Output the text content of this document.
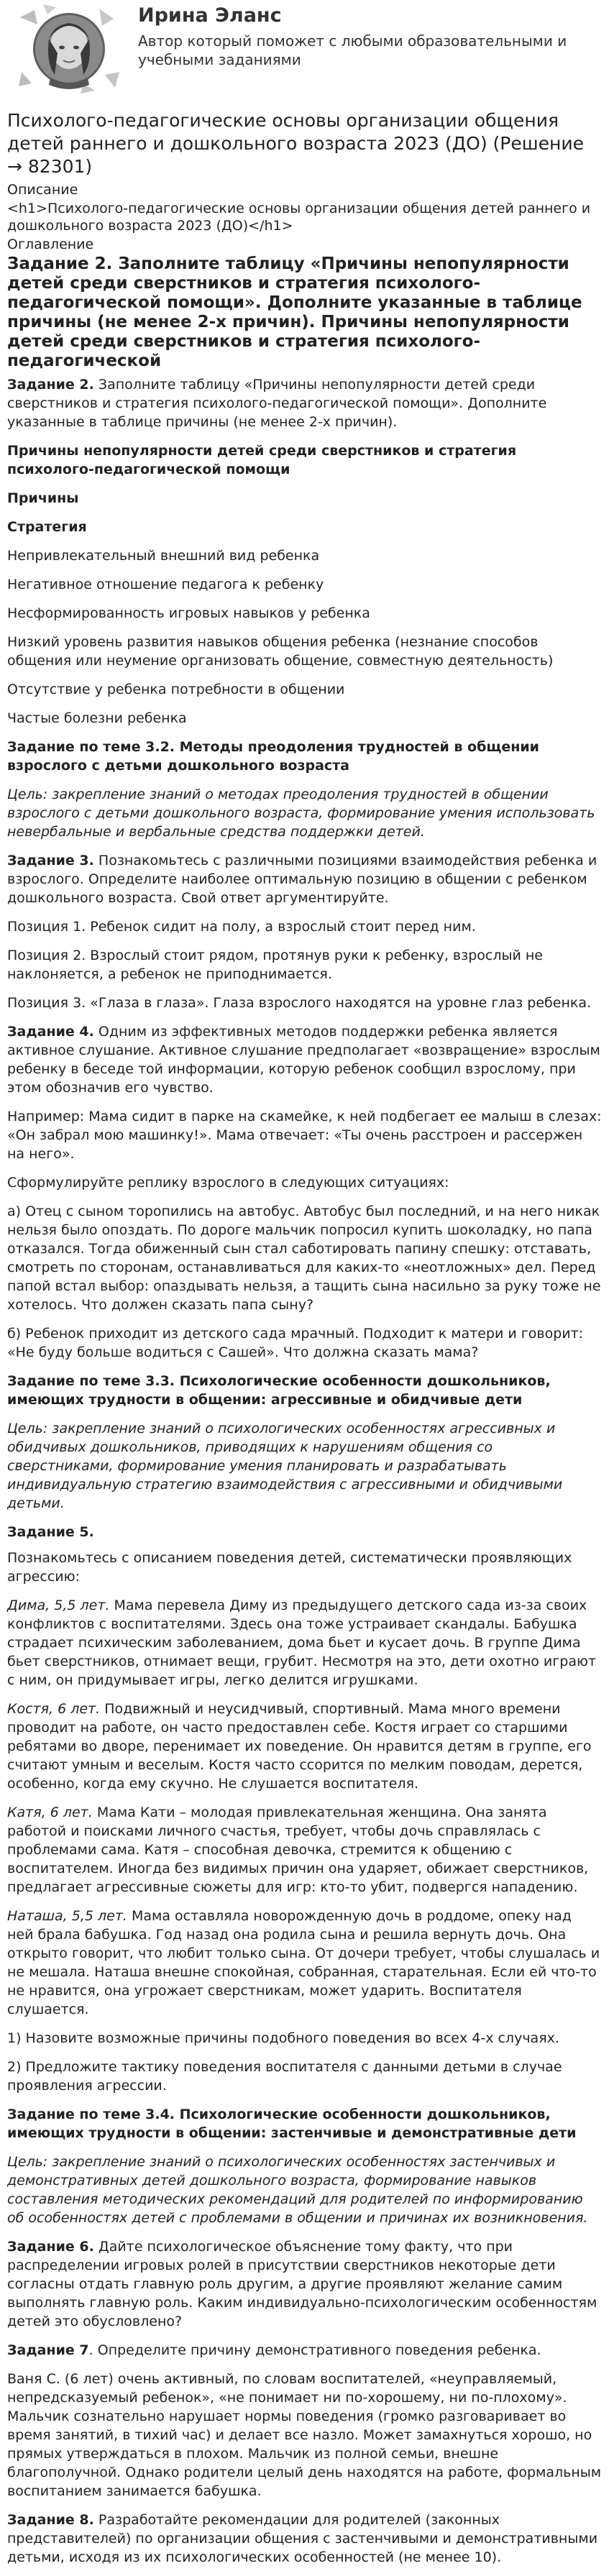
Ирина Эланс
Автор который поможет с любыми образовательными и учебными заданиями
Психолого-педагогические основы организации общения детей раннего и дошкольного возраста 2023 (ДО) (Решение → 82301)
Описание
<h1>Психолого-педагогические основы организации общения детей раннего и дошкольного возраста 2023 (ДО)</h1>
Оглавление
Задание 2. Заполните таблицу «Причины непопулярности детей среди сверстников и стратегия психолого-педагогической помощи». Дополните указанные в таблице причины (не менее 2-х причин). Причины непопулярности детей среди сверстников и стратегия психолого-педагогической

Задание 2. Заполните таблицу «Причины непопулярности детей среди сверстников и стратегия психолого-педагогической помощи». Дополните указанные в таблице причины (не менее 2-х причин).

Причины непопулярности детей среди сверстников и стратегия психолого-педагогической помощи

Причины

Стратегия

Непривлекательный внешний вид ребенка

Негативное отношение педагога к ребенку

Несформированность игровых навыков у ребенка

Низкий уровень развития навыков общения ребенка (незнание способов общения или неумение организовать общение, совместную деятельность)

Отсутствие у ребенка потребности в общении

Частые болезни ребенка

Задание по теме 3.2. Методы преодоления трудностей в общении взрослого с детьми дошкольного возраста

Цель: закрепление знаний о методах преодоления трудностей в общении взрослого с детьми дошкольного возраста, формирование умения использовать невербальные и вербальные средства поддержки детей.

Задание 3. Познакомьтесь с различными позициями взаимодействия ребенка и взрослого. Определите наиболее оптимальную позицию в общении с ребенком дошкольного возраста. Свой ответ аргументируйте.

Позиция 1. Ребенок сидит на полу, а взрослый стоит перед ним.

Позиция 2. Взрослый стоит рядом, протянув руки к ребенку, взрослый не наклоняется, а ребенок не приподнимается.

Позиция 3. «Глаза в глаза». Глаза взрослого находятся на уровне глаз ребенка.

Задание 4. Одним из эффективных методов поддержки ребенка является активное слушание. Активное слушание предполагает «возвращение» взрослым ребенку в беседе той информации, которую ребенок сообщил взрослому, при этом обозначив его чувство.

Например: Мама сидит в парке на скамейке, к ней подбегает ее малыш в слезах: «Он забрал мою машинку!». Мама отвечает: «Ты очень расстроен и рассержен на него».

Сформулируйте реплику взрослого в следующих ситуациях:

а) Отец с сыном торопились на автобус. Автобус был последний, и на него никак нельзя было опоздать. По дороге мальчик попросил купить шоколадку, но папа отказался. Тогда обиженный сын стал саботировать папину спешку: отставать, смотреть по сторонам, останавливаться для каких-то «неотложных» дел. Перед папой встал выбор: опаздывать нельзя, а тащить сына насильно за руку тоже не хотелось. Что должен сказать папа сыну?

б) Ребенок приходит из детского сада мрачный. Подходит к матери и говорит: «Не буду больше водиться с Сашей». Что должна сказать мама?

Задание по теме 3.3. Психологические особенности дошкольников, имеющих трудности в общении: агрессивные и обидчивые дети

Цель: закрепление знаний о психологических особенностях агрессивных и обидчивых дошкольников, приводящих к нарушениям общения со сверстниками, формирование умения планировать и разрабатывать индивидуальную стратегию взаимодействия с агрессивными и обидчивыми детьми.

Задание 5.

Познакомьтесь с описанием поведения детей, систематически проявляющих агрессию:

Дима, 5,5 лет. Мама перевела Диму из предыдущего детского сада из-за своих конфликтов с воспитателями. Здесь она тоже устраивает скандалы. Бабушка страдает психическим заболеванием, дома бьет и кусает дочь. В группе Дима бьет сверстников, отнимает вещи, грубит. Несмотря на это, дети охотно играют с ним, он придумывает игры, легко делится игрушками.

Костя, 6 лет. Подвижный и неусидчивый, спортивный. Мама много времени проводит на работе, он часто предоставлен себе. Костя играет со старшими ребятами во дворе, перенимает их поведение. Он нравится детям в группе, его считают умным и веселым. Костя часто ссорится по мелким поводам, дерется, особенно, когда ему скучно. Не слушается воспитателя.

Катя, 6 лет. Мама Кати – молодая привлекательная женщина. Она занята работой и поисками личного счастья, требует, чтобы дочь справлялась с проблемами сама. Катя – способная девочка, стремится к общению с воспитателем. Иногда без видимых причин она ударяет, обижает сверстников, предлагает агрессивные сюжеты для игр: кто-то убит, подвергся нападению.

Наташа, 5,5 лет. Мама оставляла новорожденную дочь в роддоме, опеку над ней брала бабушка. Год назад она родила сына и решила вернуть дочь. Она открыто говорит, что любит только сына. От дочери требует, чтобы слушалась и не мешала. Наташа внешне спокойная, собранная, старательная. Если ей что-то не нравится, она угрожает сверстникам, может ударить. Воспитателя слушается.

1) Назовите возможные причины подобного поведения во всех 4-х случаях.

2) Предложите тактику поведения воспитателя с данными детьми в случае проявления агрессии.

Задание по теме 3.4. Психологические особенности дошкольников, имеющих трудности в общении: застенчивые и демонстративные дети

Цель: закрепление знаний о психологических особенностях застенчивых и демонстративных детей дошкольного возраста, формирование навыков составления методических рекомендаций для родителей по информированию об особенностях детей с проблемами в общении и причинах их возникновения.

Задание 6. Дайте психологическое объяснение тому факту, что при распределении игровых ролей в присутствии сверстников некоторые дети согласны отдать главную роль другим, а другие проявляют желание самим выполнять главную роль. Каким индивидуально-психологическим особенностям детей это обусловлено?

Задание 7. Определите причину демонстративного поведения ребенка.

Ваня С. (6 лет) очень активный, по словам воспитателей, «неуправляемый, непредсказуемый ребенок», «не понимает ни по-хорошему, ни по-плохому». Мальчик сознательно нарушает нормы поведения (громко разговаривает во время занятий, в тихий час) и делает все назло. Может замахнуться хорошо, но прямых утверждаться в плохом. Мальчик из полной семьи, внешне благополучной. Однако родители целый день находятся на работе, формальным воспитанием занимается бабушка.

Задание 8. Разработайте рекомендации для родителей (законных представителей) по организации общения с застенчивыми и демонстративными детьми, исходя из их психологических особенностей (не менее 10).
